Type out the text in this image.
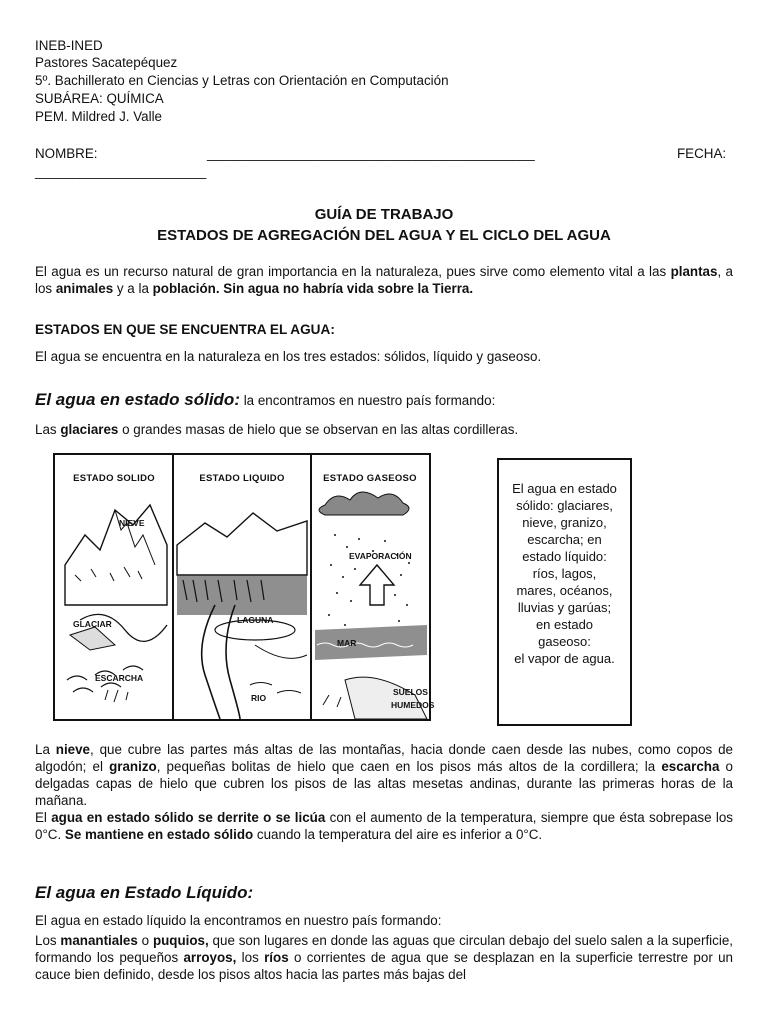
INEB-INED
Pastores Sacatepéquez
5º. Bachillerato en Ciencias y Letras con Orientación en Computación
SUBÁREA: QUÍMICA
PEM. Mildred J. Valle
NOMBRE:	____________________________________________	FECHA:
_______________________
GUÍA DE TRABAJO
ESTADOS DE AGREGACIÓN DEL AGUA Y EL CICLO DEL AGUA
El agua es un recurso natural de gran importancia en la naturaleza, pues sirve como elemento vital a las plantas, a los animales y a la población. Sin agua no habría vida sobre la Tierra.
ESTADOS EN QUE SE ENCUENTRA EL AGUA:
El agua se encuentra en la naturaleza en los tres estados: sólidos, líquido y gaseoso.
El agua en estado sólido: la encontramos en nuestro país formando:
Las glaciares o grandes masas de hielo que se observan en las altas cordilleras.
ESTADO SOLIDO	ESTADO LIQUIDO	ESTADO GASEOSO
NIEVE
GLACIAR
ESCARCHA
LAGUNA
RIO
EVAPORACIÓN
MAR
SUELOS
HUMEDOS
El agua en estado
sólido: glaciares,
nieve, granizo,
escarcha; en
estado líquido:
ríos, lagos,
mares, océanos,
lluvias y garúas;
en estado
gaseoso:
el vapor de agua.
La nieve, que cubre las partes más altas de las montañas, hacia donde caen desde las nubes, como copos de algodón; el granizo, pequeñas bolitas de hielo que caen en los pisos más altos de la cordillera; la escarcha o delgadas capas de hielo que cubren los pisos de las altas mesetas andinas, durante las primeras horas de la mañana.
El agua en estado sólido se derrite o se licúa con el aumento de la temperatura, siempre que ésta sobrepase los 0°C. Se mantiene en estado sólido cuando la temperatura del aire es inferior a 0°C.
El agua en Estado Líquido:
El agua en estado líquido la encontramos en nuestro país formando:
Los manantiales o puquios, que son lugares en donde las aguas que circulan debajo del suelo salen a la superficie, formando los pequeños arroyos, los ríos o corrientes de agua que se desplazan en la superficie terrestre por un cauce bien definido, desde los pisos altos hacia las partes más bajas del
